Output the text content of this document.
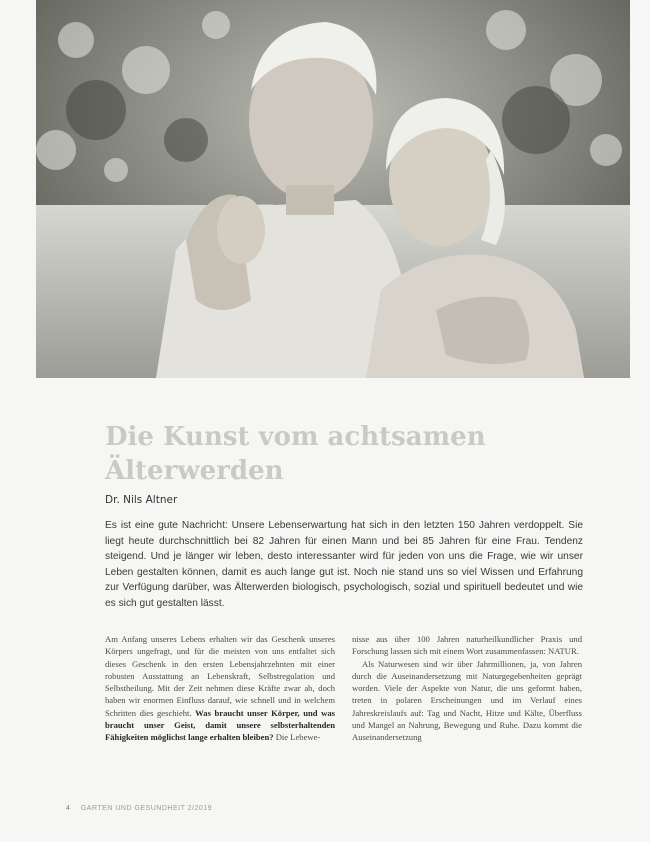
Die Kunst vom achtsamen Älterwerden
Dr. Nils Altner

Es ist eine gute Nachricht: Unsere Lebenserwartung hat sich in den letzten 150 Jahren verdoppelt. Sie liegt heute durchschnittlich bei 82 Jahren für einen Mann und bei 85 Jahren für eine Frau. Tendenz steigend. Und je länger wir leben, desto interessanter wird für jeden von uns die Frage, wie wir unser Leben gestalten können, damit es auch lange gut ist. Noch nie stand uns so viel Wissen und Erfahrung zur Verfügung darüber, was Älterwerden biologisch, psychologisch, sozial und spirituell bedeutet und wie es sich gut gestalten lässt.

Am Anfang unseres Lebens erhalten wir das Geschenk unseres Körpers ungefragt, und für die meisten von uns entfaltet sich dieses Geschenk in den ersten Lebensjahrzehnten mit einer robusten Ausstattung an Lebenskraft, Selbstregulation und Selbstheilung. Mit der Zeit nehmen diese Kräfte zwar ab, doch haben wir enormen Einfluss darauf, wie schnell und in welchem Schritten dies geschieht. Was braucht unser Körper, und was braucht unser Geist, damit unsere selbsterhaltenden Fähigkeiten möglichst lange erhalten bleiben? Die Lebewe-

nisse aus über 100 Jahren naturheilkundlicher Praxis und Forschung lassen sich mit einem Wort zusammenfassen: NATUR.

Als Naturwesen sind wir über Jahrmillionen, ja, von Jahren durch die Auseinandersetzung mit Naturgegebenheiten geprägt worden. Viele der Aspekte von Natur, die uns geformt haben, treten in polaren Erscheinungen und im Verlauf eines Jahreskreislaufs auf: Tag und Nacht, Hitze und Kälte, Überfluss und Mangel an Nahrung, Bewegung und Ruhe. Dazu kommt die Auseinandersetzung

4 GARTEN UND GESUNDHEIT 2/2019
